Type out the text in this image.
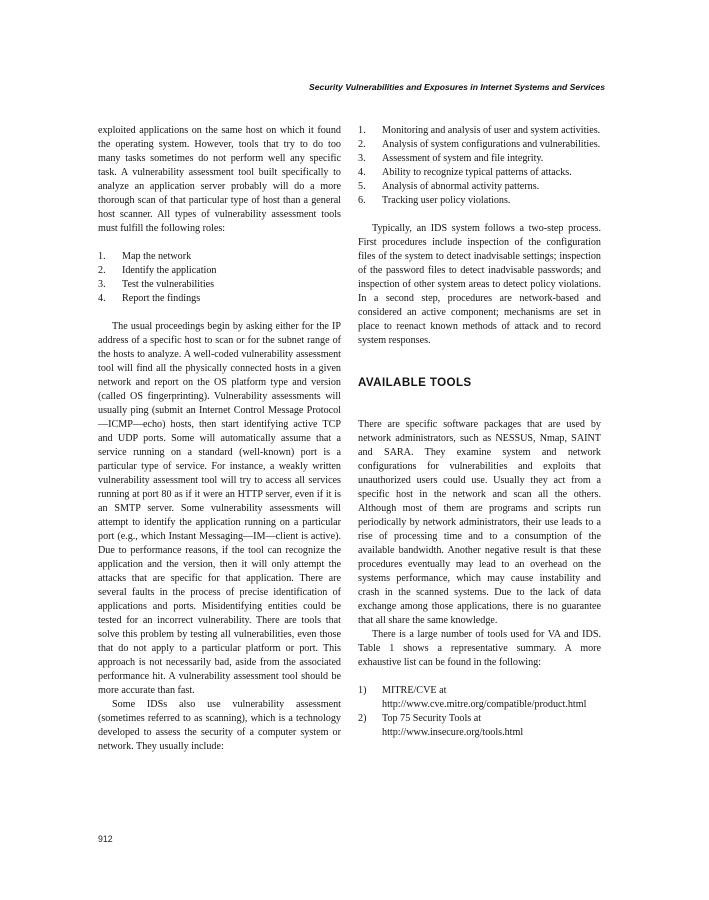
Security Vulnerabilities and Exposures in Internet Systems and Services

exploited applications on the same host on which it found the operating system. However, tools that try to do too many tasks sometimes do not perform well any specific task. A vulnerability assessment tool built specifically to analyze an application server probably will do a more thorough scan of that particular type of host than a general host scanner. All types of vulnerability assessment tools must fulfill the following roles:

1. Map the network
2. Identify the application
3. Test the vulnerabilities
4. Report the findings

The usual proceedings begin by asking either for the IP address of a specific host to scan or for the subnet range of the hosts to analyze. A well-coded vulnerability assessment tool will find all the physically connected hosts in a given network and report on the OS platform type and version (called OS fingerprinting). Vulnerability assessments will usually ping (submit an Internet Control Message Protocol—ICMP—echo) hosts, then start identifying active TCP and UDP ports. Some will automatically assume that a service running on a standard (well-known) port is a particular type of service. For instance, a weakly written vulnerability assessment tool will try to access all services running at port 80 as if it were an HTTP server, even if it is an SMTP server. Some vulnerability assessments will attempt to identify the application running on a particular port (e.g., which Instant Messaging—IM—client is active). Due to performance reasons, if the tool can recognize the application and the version, then it will only attempt the attacks that are specific for that application. There are several faults in the process of precise identification of applications and ports. Misidentifying entities could be tested for an incorrect vulnerability. There are tools that solve this problem by testing all vulnerabilities, even those that do not apply to a particular platform or port. This approach is not necessarily bad, aside from the associated performance hit. A vulnerability assessment tool should be more accurate than fast.

Some IDSs also use vulnerability assessment (sometimes referred to as scanning), which is a technology developed to assess the security of a computer system or network. They usually include:

1. Monitoring and analysis of user and system activities.
2. Analysis of system configurations and vulnerabilities.
3. Assessment of system and file integrity.
4. Ability to recognize typical patterns of attacks.
5. Analysis of abnormal activity patterns.
6. Tracking user policy violations.

Typically, an IDS system follows a two-step process. First procedures include inspection of the configuration files of the system to detect inadvisable settings; inspection of the password files to detect inadvisable passwords; and inspection of other system areas to detect policy violations. In a second step, procedures are network-based and considered an active component; mechanisms are set in place to reenact known methods of attack and to record system responses.

AVAILABLE TOOLS

There are specific software packages that are used by network administrators, such as NESSUS, Nmap, SAINT and SARA. They examine system and network configurations for vulnerabilities and exploits that unauthorized users could use. Usually they act from a specific host in the network and scan all the others. Although most of them are programs and scripts run periodically by network administrators, their use leads to a rise of processing time and to a consumption of the available bandwidth. Another negative result is that these procedures eventually may lead to an overhead on the systems performance, which may cause instability and crash in the scanned systems. Due to the lack of data exchange among those applications, there is no guarantee that all share the same knowledge.

There is a large number of tools used for VA and IDS. Table 1 shows a representative summary. A more exhaustive list can be found in the following:

1) MITRE/CVE at http://www.cve.mitre.org/compatible/product.html
2) Top 75 Security Tools at http://www.insecure.org/tools.html
912
